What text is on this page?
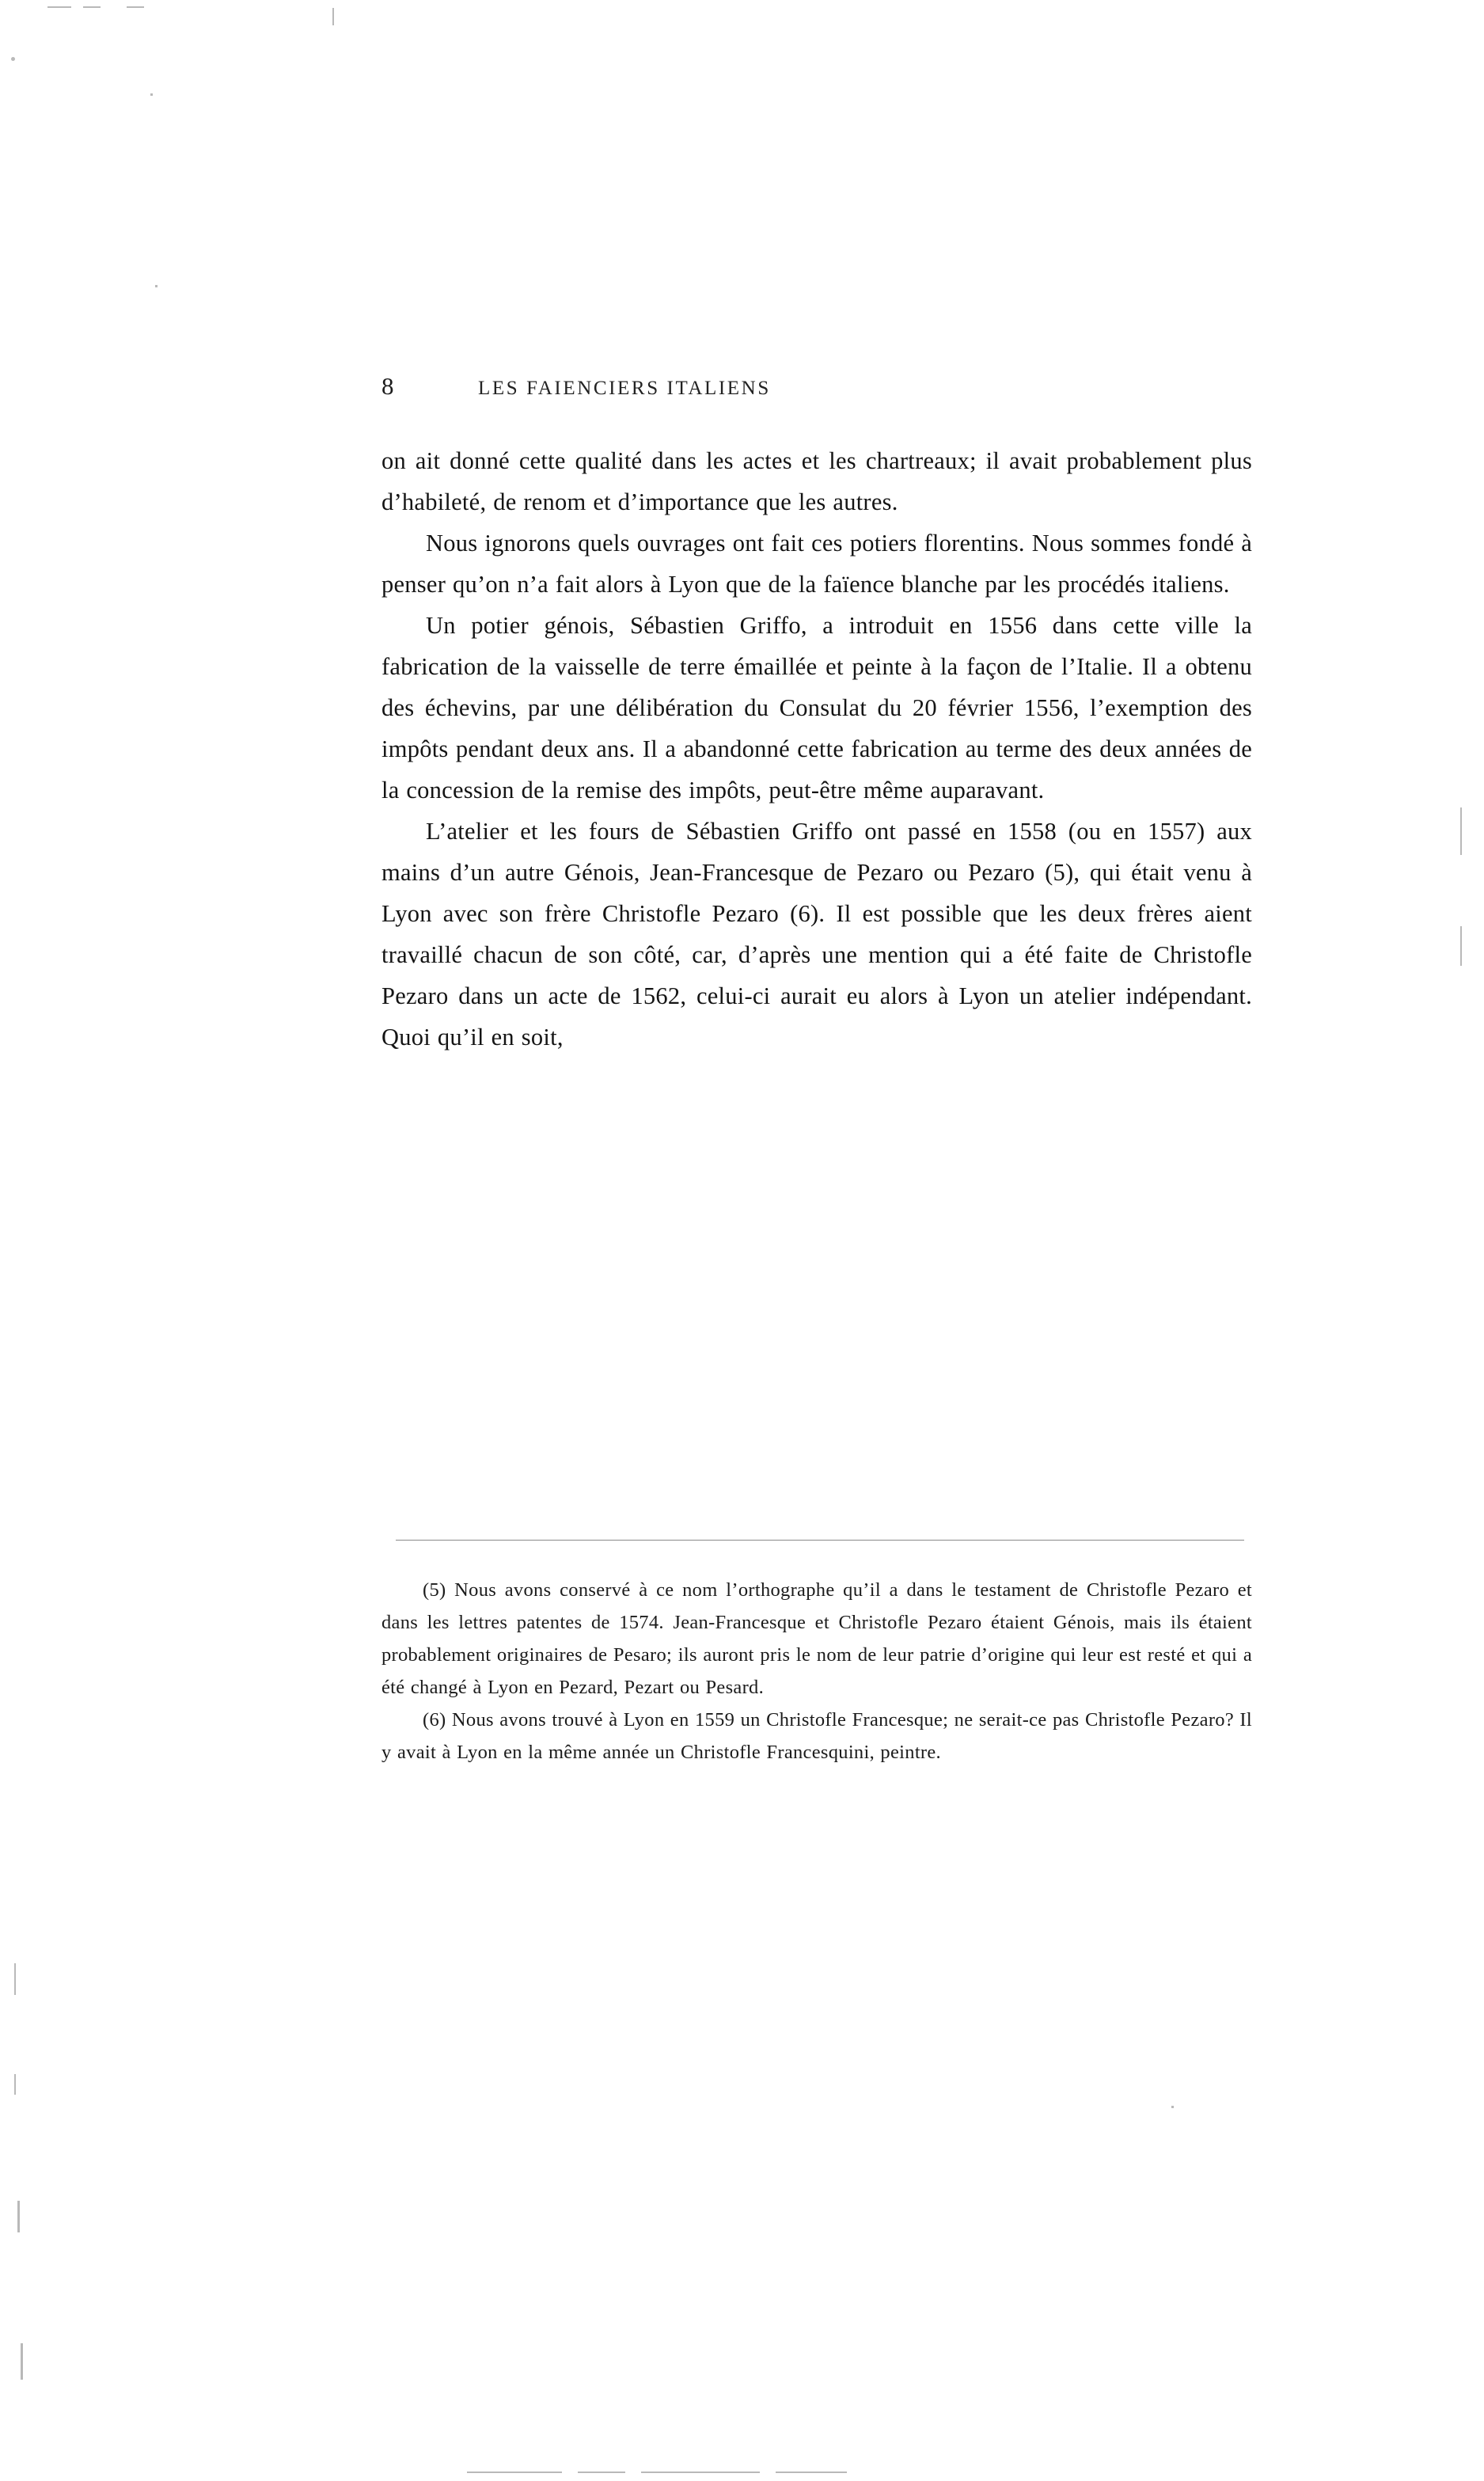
8	LES FAIENCIERS ITALIENS

on ait donné cette qualité dans les actes et les chartreaux; il avait probablement plus d’habileté, de renom et d’importance que les autres.

Nous ignorons quels ouvrages ont fait ces potiers florentins. Nous sommes fondé à penser qu’on n’a fait alors à Lyon que de la faïence blanche par les procédés italiens.

Un potier génois, Sébastien Griffo, a introduit en 1556 dans cette ville la fabrication de la vaisselle de terre émaillée et peinte à la façon de l’Italie. Il a obtenu des échevins, par une délibération du Consulat du 20 février 1556, l’exemption des impôts pendant deux ans. Il a abandonné cette fabrication au terme des deux années de la concession de la remise des impôts, peut-être même auparavant.

L’atelier et les fours de Sébastien Griffo ont passé en 1558 (ou en 1557) aux mains d’un autre Génois, Jean-Francesque de Pezaro ou Pezaro (5), qui était venu à Lyon avec son frère Christofle Pezaro (6). Il est possible que les deux frères aient travaillé chacun de son côté, car, d’après une mention qui a été faite de Christofle Pezaro dans un acte de 1562, celui-ci aurait eu alors à Lyon un atelier indépendant. Quoi qu’il en soit,

(5) Nous avons conservé à ce nom l’orthographe qu’il a dans le testament de Christofle Pezaro et dans les lettres patentes de 1574. Jean-Francesque et Christofle Pezaro étaient Génois, mais ils étaient probablement originaires de Pesaro; ils auront pris le nom de leur patrie d’origine qui leur est resté et qui a été changé à Lyon en Pezard, Pezart ou Pesard.

(6) Nous avons trouvé à Lyon en 1559 un Christofle Francesque; ne serait-ce pas Christofle Pezaro? Il y avait à Lyon en la même année un Christofle Francesquini, peintre.
